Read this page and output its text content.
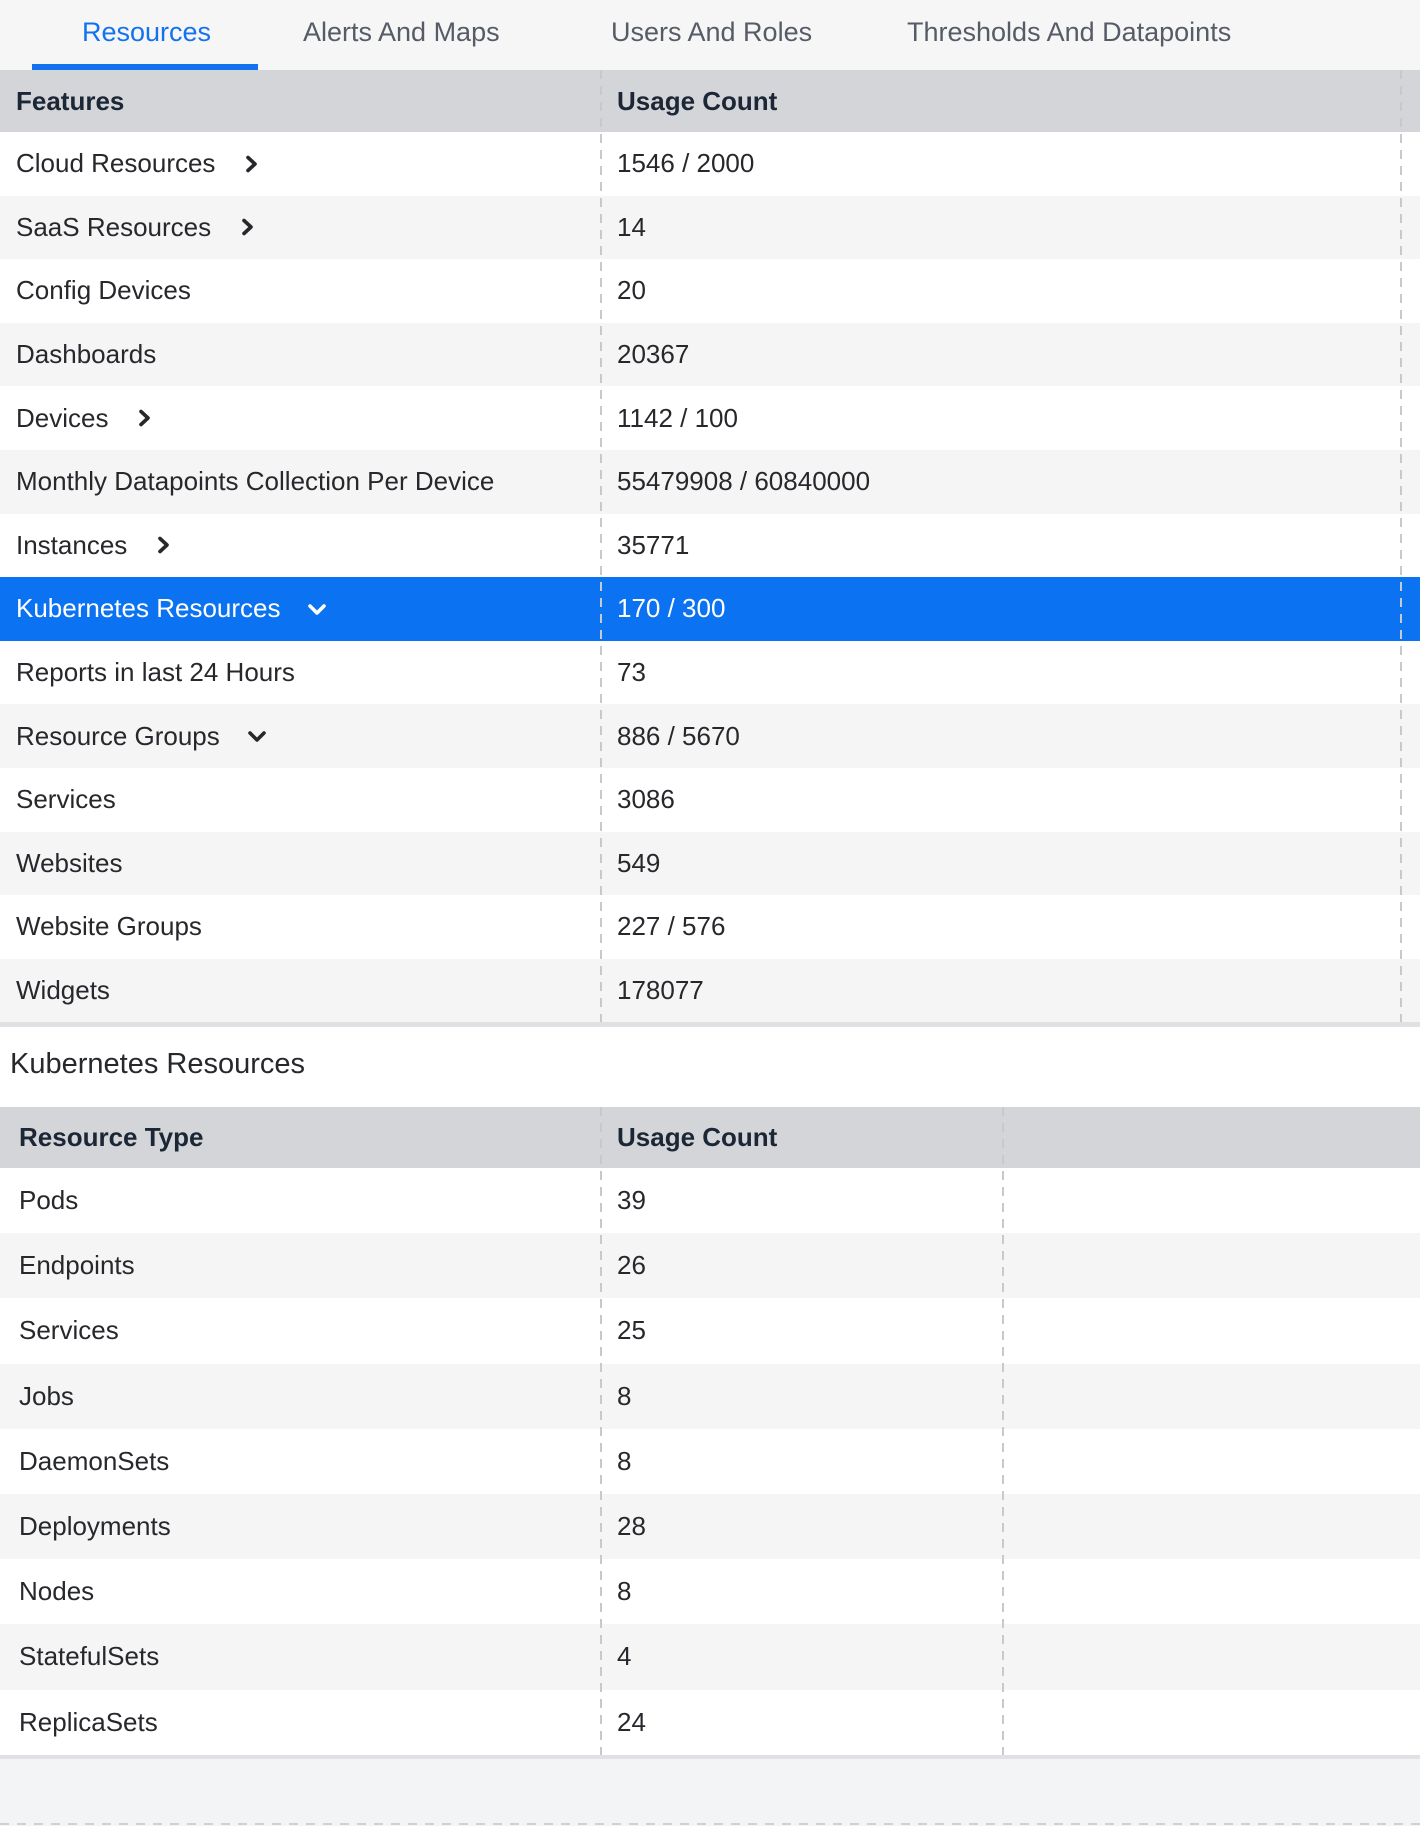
Resources	Alerts And Maps	Users And Roles	Thresholds And Datapoints
Features	Usage Count
Cloud Resources	1546 / 2000
SaaS Resources	14
Config Devices	20
Dashboards	20367
Devices	1142 / 100
Monthly Datapoints Collection Per Device	55479908 / 60840000
Instances	35771
Kubernetes Resources	170 / 300
Reports in last 24 Hours	73
Resource Groups	886 / 5670
Services	3086
Websites	549
Website Groups	227 / 576
Widgets	178077
Kubernetes Resources
Resource Type	Usage Count
Pods	39
Endpoints	26
Services	25
Jobs	8
DaemonSets	8
Deployments	28
Nodes	8
StatefulSets	4
ReplicaSets	24
